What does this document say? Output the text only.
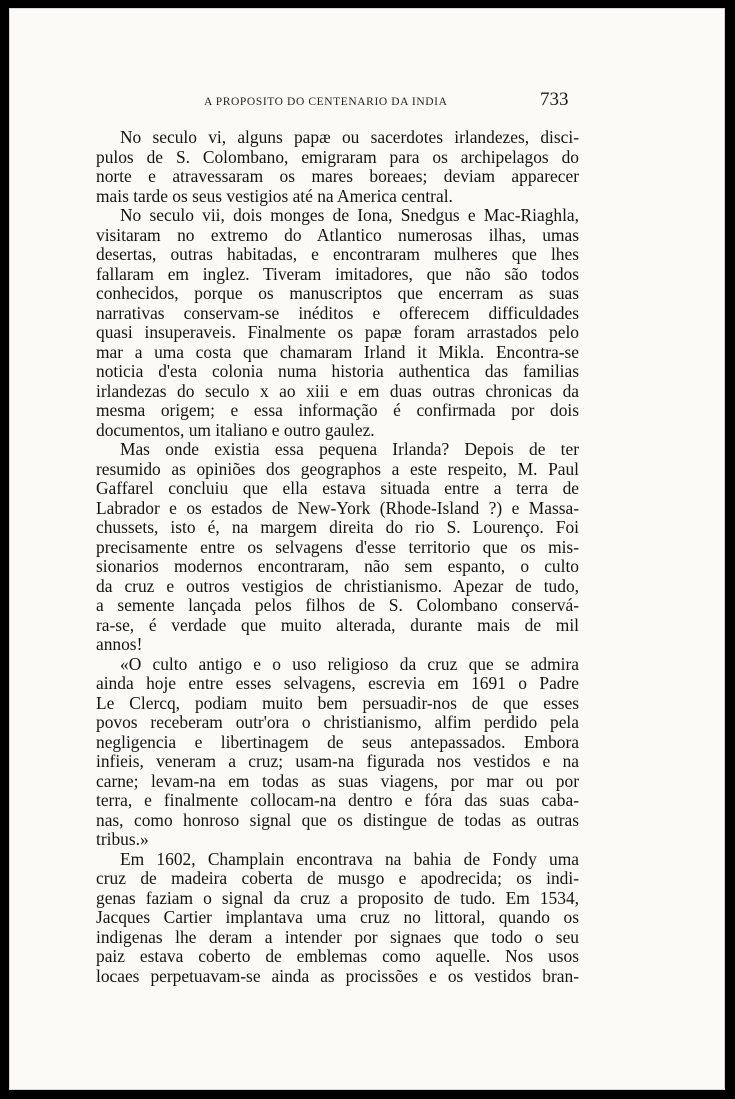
A PROPOSITO DO CENTENARIO DA INDIA	733
No seculo vi, alguns papæ ou sacerdotes irlandezes, disci-
pulos de S. Colombano, emigraram para os archipelagos do
norte e atravessaram os mares boreaes; deviam apparecer
mais tarde os seus vestigios até na America central.
No seculo vii, dois monges de Iona, Snedgus e Mac-Riaghla,
visitaram no extremo do Atlantico numerosas ilhas, umas
desertas, outras habitadas, e encontraram mulheres que lhes
fallaram em inglez. Tiveram imitadores, que não são todos
conhecidos, porque os manuscriptos que encerram as suas
narrativas conservam-se inéditos e offerecem difficuldades
quasi insuperaveis. Finalmente os papæ foram arrastados pelo
mar a uma costa que chamaram Irland it Mikla. Encontra-se
noticia d'esta colonia numa historia authentica das familias
irlandezas do seculo x ao xiii e em duas outras chronicas da
mesma origem; e essa informação é confirmada por dois
documentos, um italiano e outro gaulez.
Mas onde existia essa pequena Irlanda? Depois de ter
resumido as opiniões dos geographos a este respeito, M. Paul
Gaffarel concluiu que ella estava situada entre a terra de
Labrador e os estados de New-York (Rhode-Island ?) e Massa-
chussets, isto é, na margem direita do rio S. Lourenço. Foi
precisamente entre os selvagens d'esse territorio que os mis-
sionarios modernos encontraram, não sem espanto, o culto
da cruz e outros vestigios de christianismo. Apezar de tudo,
a semente lançada pelos filhos de S. Colombano conservá-
ra-se, é verdade que muito alterada, durante mais de mil
annos!
«O culto antigo e o uso religioso da cruz que se admira
ainda hoje entre esses selvagens, escrevia em 1691 o Padre
Le Clercq, podiam muito bem persuadir-nos de que esses
povos receberam outr'ora o christianismo, alfim perdido pela
negligencia e libertinagem de seus antepassados. Embora
infieis, veneram a cruz; usam-na figurada nos vestidos e na
carne; levam-na em todas as suas viagens, por mar ou por
terra, e finalmente collocam-na dentro e fóra das suas caba-
nas, como honroso signal que os distingue de todas as outras
tribus.»
Em 1602, Champlain encontrava na bahia de Fondy uma
cruz de madeira coberta de musgo e apodrecida; os indi-
genas faziam o signal da cruz a proposito de tudo. Em 1534,
Jacques Cartier implantava uma cruz no littoral, quando os
indigenas lhe deram a intender por signaes que todo o seu
paiz estava coberto de emblemas como aquelle. Nos usos
locaes perpetuavam-se ainda as procissões e os vestidos bran-
